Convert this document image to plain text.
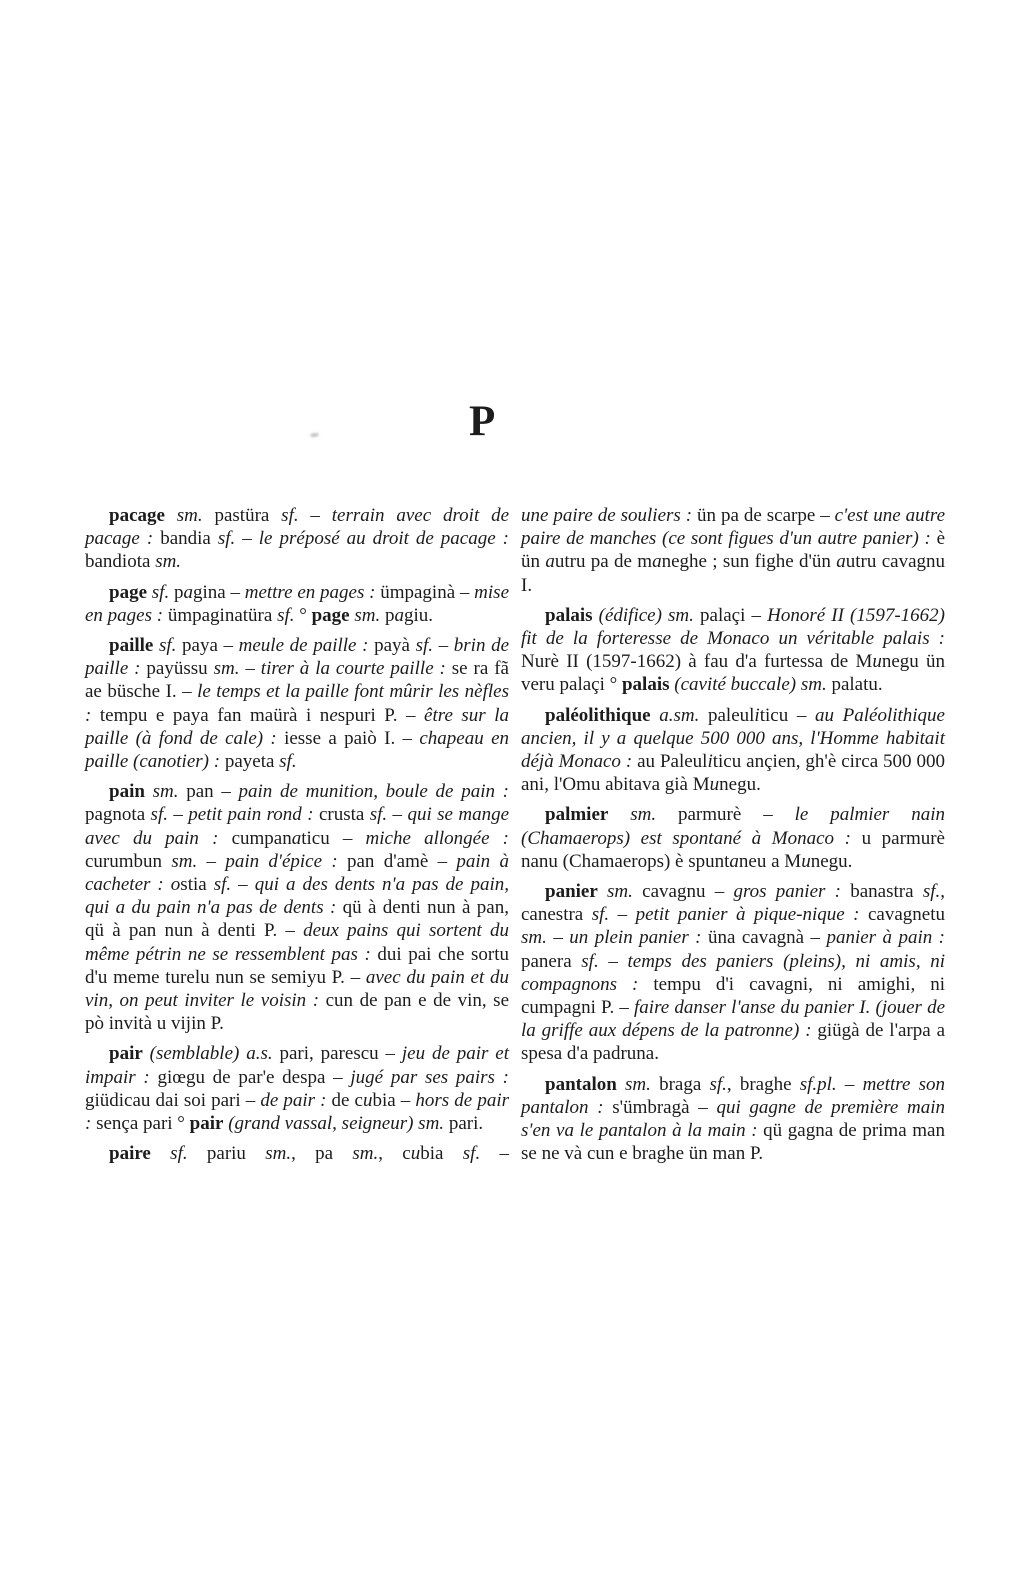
P

pacage sm. pastüra sf. – terrain avec droit de pacage : bandia sf. – le préposé au droit de pacage : bandiota sm.

page sf. pagina – mettre en pages : ümpaginà – mise en pages : ümpaginatüra sf. ° page sm. pagiu.

paille sf. paya – meule de paille : payà sf. – brin de paille : payüssu sm. – tirer à la courte paille : se ra fã ae büsche I. – le temps et la paille font mûrir les nèfles : tempu e paya fan maürà i nespuri P. – être sur la paille (à fond de cale) : iesse a paiò I. – chapeau en paille (canotier) : payeta sf.

pain sm. pan – pain de munition, boule de pain : pagnota sf. – petit pain rond : crusta sf. – qui se mange avec du pain : cumpanaticu – miche allongée : curumbun sm. – pain d'épice : pan d'amè – pain à cacheter : ostia sf. – qui a des dents n'a pas de pain, qui a du pain n'a pas de dents : qü à denti nun à pan, qü à pan nun à denti P. – deux pains qui sortent du même pétrin ne se ressemblent pas : dui pai che sortu d'u meme turelu nun se semiyu P. – avec du pain et du vin, on peut inviter le voisin : cun de pan e de vin, se pò invità u vijin P.

pair (semblable) a.s. pari, parescu – jeu de pair et impair : giœgu de par'e despa – jugé par ses pairs : giüdicau dai soi pari – de pair : de cubia – hors de pair : sença pari ° pair (grand vassal, seigneur) sm. pari.

paire sf. pariu sm., pa sm., cubia sf. –

une paire de souliers : ün pa de scarpe – c'est une autre paire de manches (ce sont figues d'un autre panier) : è ün autru pa de maneghe ; sun fighe d'ün autru cavagnu I.

palais (édifice) sm. palaçi – Honoré II (1597-1662) fit de la forteresse de Monaco un véritable palais : Nurè II (1597-1662) à fau d'a furtessa de Munegu ün veru palaçi ° palais (cavité buccale) sm. palatu.

paléolithique a.sm. paleuliticu – au Paléolithique ancien, il y a quelque 500 000 ans, l'Homme habitait déjà Monaco : au Paleuliticu ançien, gh'è circa 500 000 ani, l'Omu abitava già Munegu.

palmier sm. parmurè – le palmier nain (Chamaerops) est spontané à Monaco : u parmurè nanu (Chamaerops) è spuntaneu a Munegu.

panier sm. cavagnu – gros panier : banastra sf., canestra sf. – petit panier à pique-nique : cavagnetu sm. – un plein panier : üna cavagnà – panier à pain : panera sf. – temps des paniers (pleins), ni amis, ni compagnons : tempu d'i cavagni, ni amighi, ni cumpagni P. – faire danser l'anse du panier I. (jouer de la griffe aux dépens de la patronne) : giügà de l'arpa a spesa d'a padruna.

pantalon sm. braga sf., braghe sf.pl. – mettre son pantalon : s'ümbragà – qui gagne de première main s'en va le pantalon à la main : qü gagna de prima man se ne và cun e braghe ün man P.
